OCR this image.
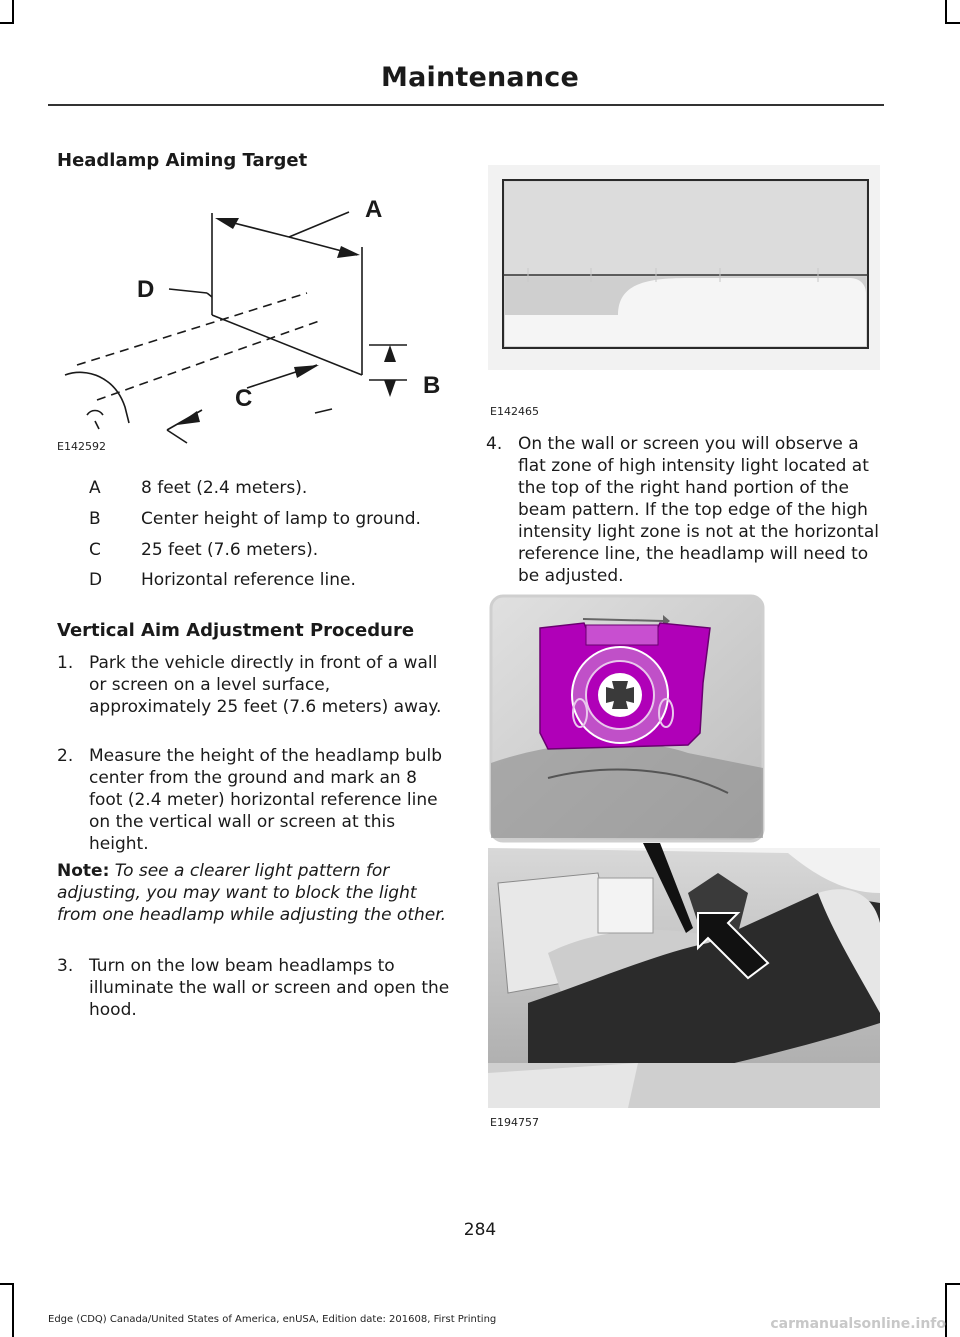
Maintenance
Headlamp Aiming Target
A
B
C
D
E142592
A 8 feet (2.4 meters).
B Center height of lamp to ground.
C 25 feet (7.6 meters).
D Horizontal reference line.
Vertical Aim Adjustment Procedure
1. Park the vehicle directly in front of a wall or screen on a level surface, approximately 25 feet (7.6 meters) away.
2. Measure the height of the headlamp bulb center from the ground and mark an 8 foot (2.4 meter) horizontal reference line on the vertical wall or screen at this height.
Note: To see a clearer light pattern for adjusting, you may want to block the light from one headlamp while adjusting the other.
3. Turn on the low beam headlamps to illuminate the wall or screen and open the hood.
E142465
4. On the wall or screen you will observe a flat zone of high intensity light located at the top of the right hand portion of the beam pattern. If the top edge of the high intensity light zone is not at the horizontal reference line, the headlamp will need to be adjusted.
E194757
284
Edge (CDQ) Canada/United States of America, enUSA, Edition date: 201608, First Printing	carmanualsonline.info
